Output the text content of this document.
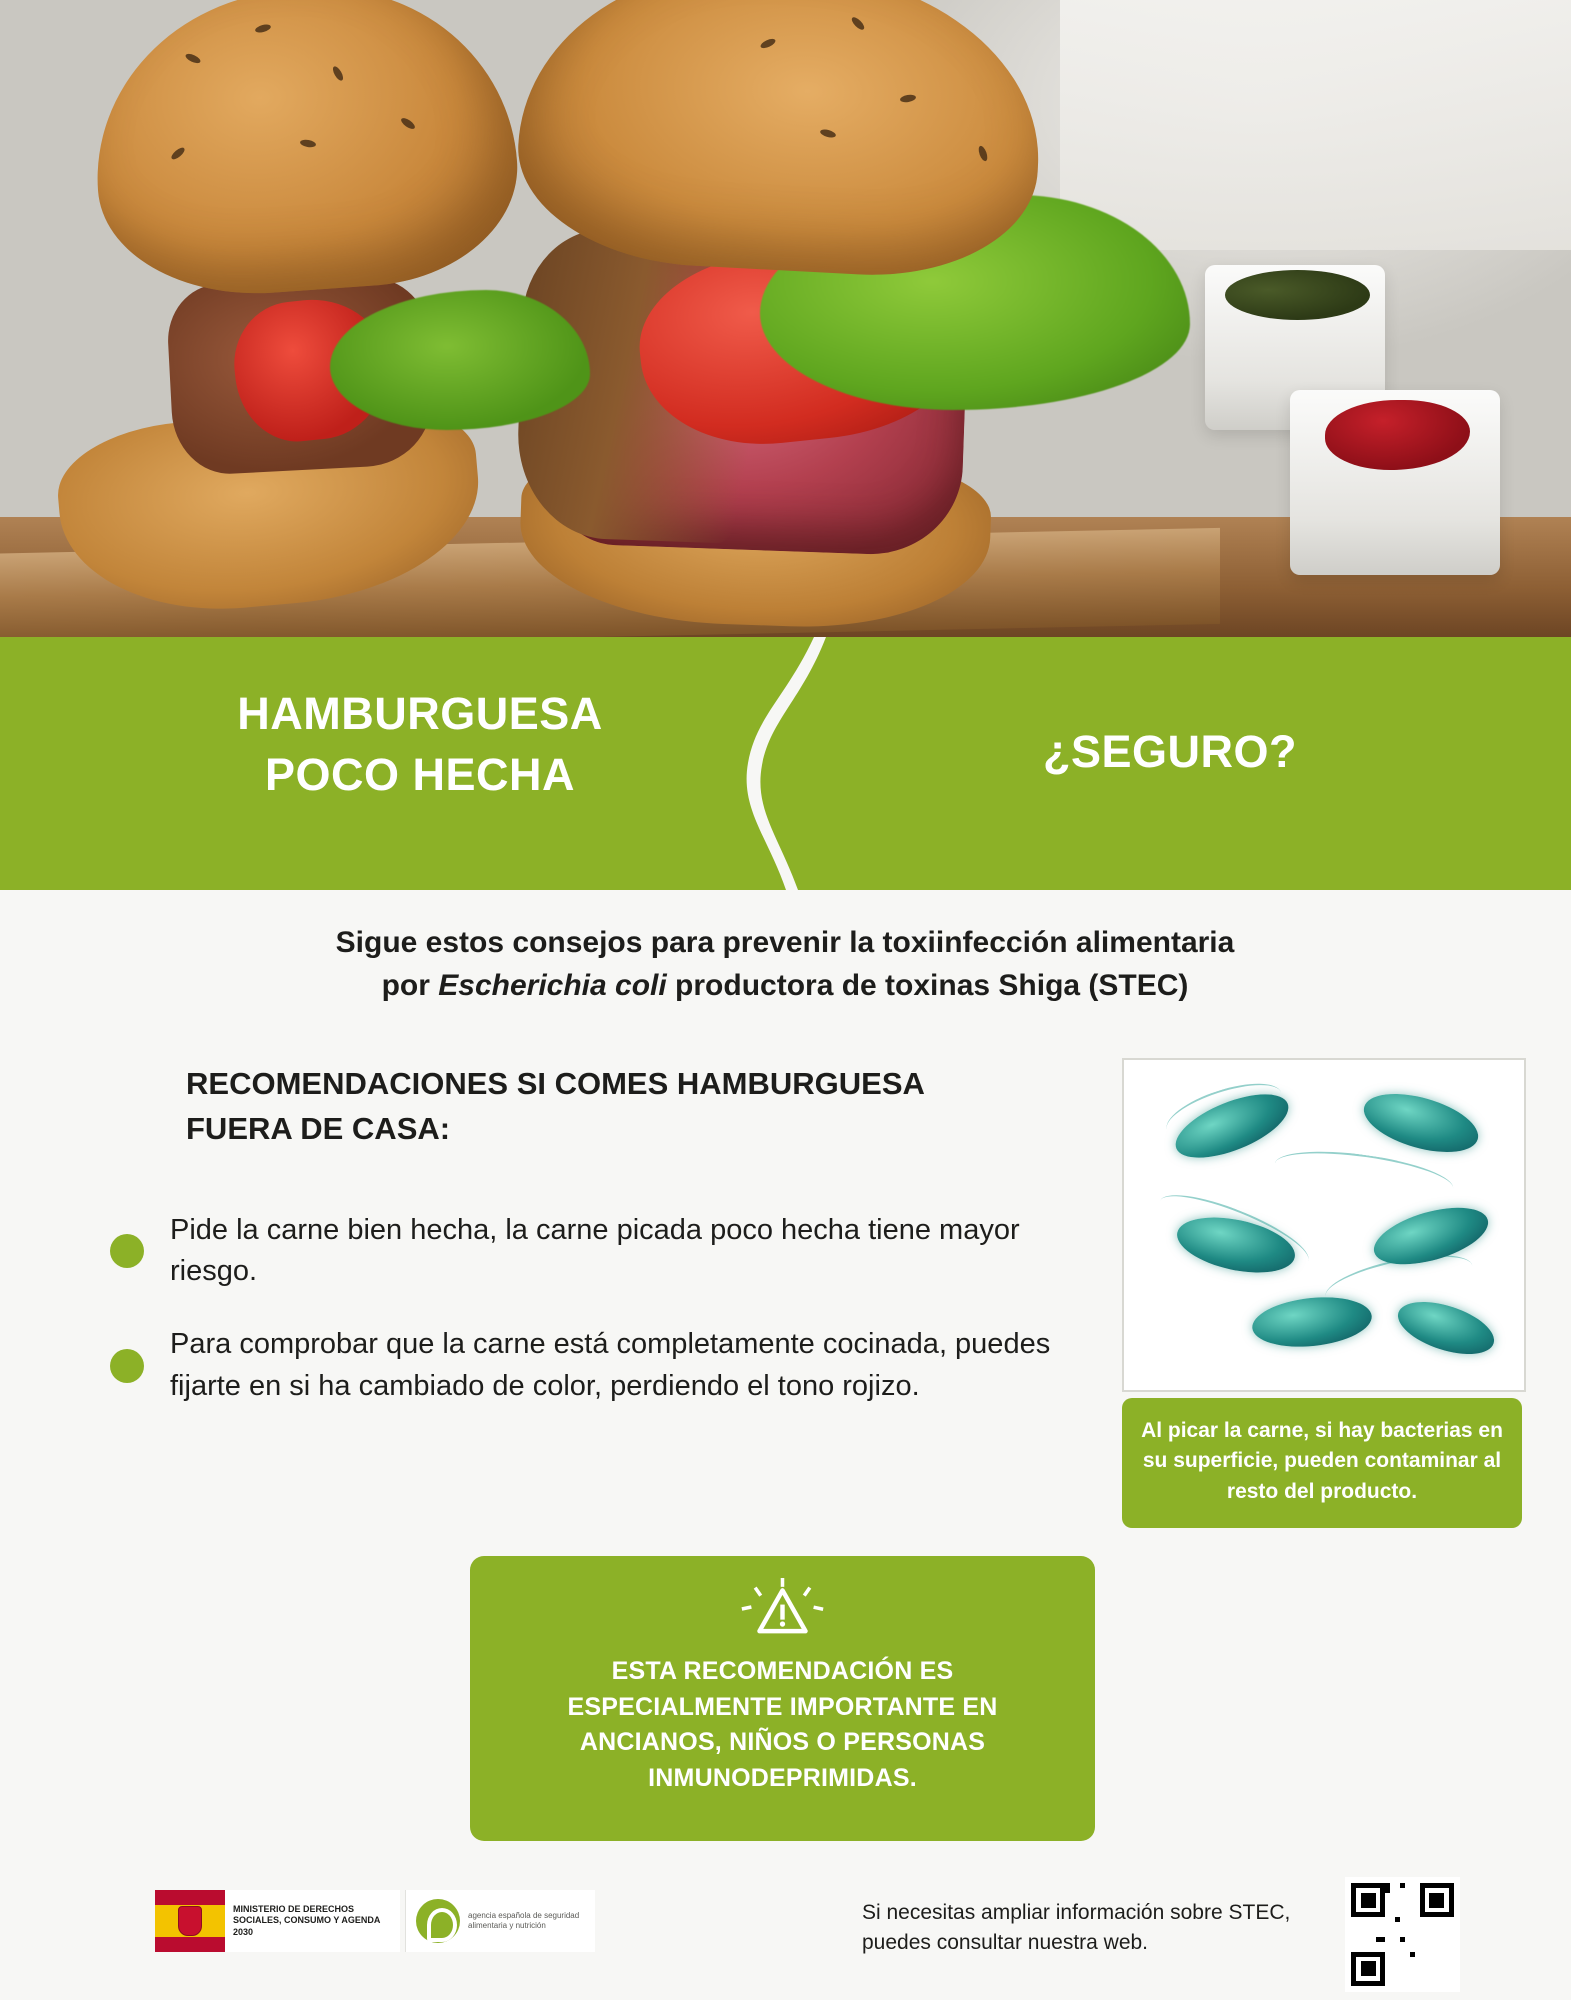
HAMBURGUESA
POCO HECHA	¿SEGURO?
Sigue estos consejos para prevenir la toxiinfección alimentaria
por Escherichia coli productora de toxinas Shiga (STEC)
RECOMENDACIONES SI COMES HAMBURGUESA FUERA DE CASA:
Pide la carne bien hecha, la carne picada poco hecha tiene mayor riesgo.
Para comprobar que la carne está completamente cocinada, puedes fijarte en si ha cambiado de color, perdiendo el tono rojizo.
Al picar la carne, si hay bacterias en su superficie, pueden contaminar al resto del producto.
ESTA RECOMENDACIÓN ES ESPECIALMENTE IMPORTANTE EN ANCIANOS, NIÑOS O PERSONAS INMUNODEPRIMIDAS.
MINISTERIO DE DERECHOS SOCIALES, CONSUMO Y AGENDA 2030
agencia española de seguridad alimentaria y nutrición
Si necesitas ampliar información sobre STEC, puedes consultar nuestra web.
